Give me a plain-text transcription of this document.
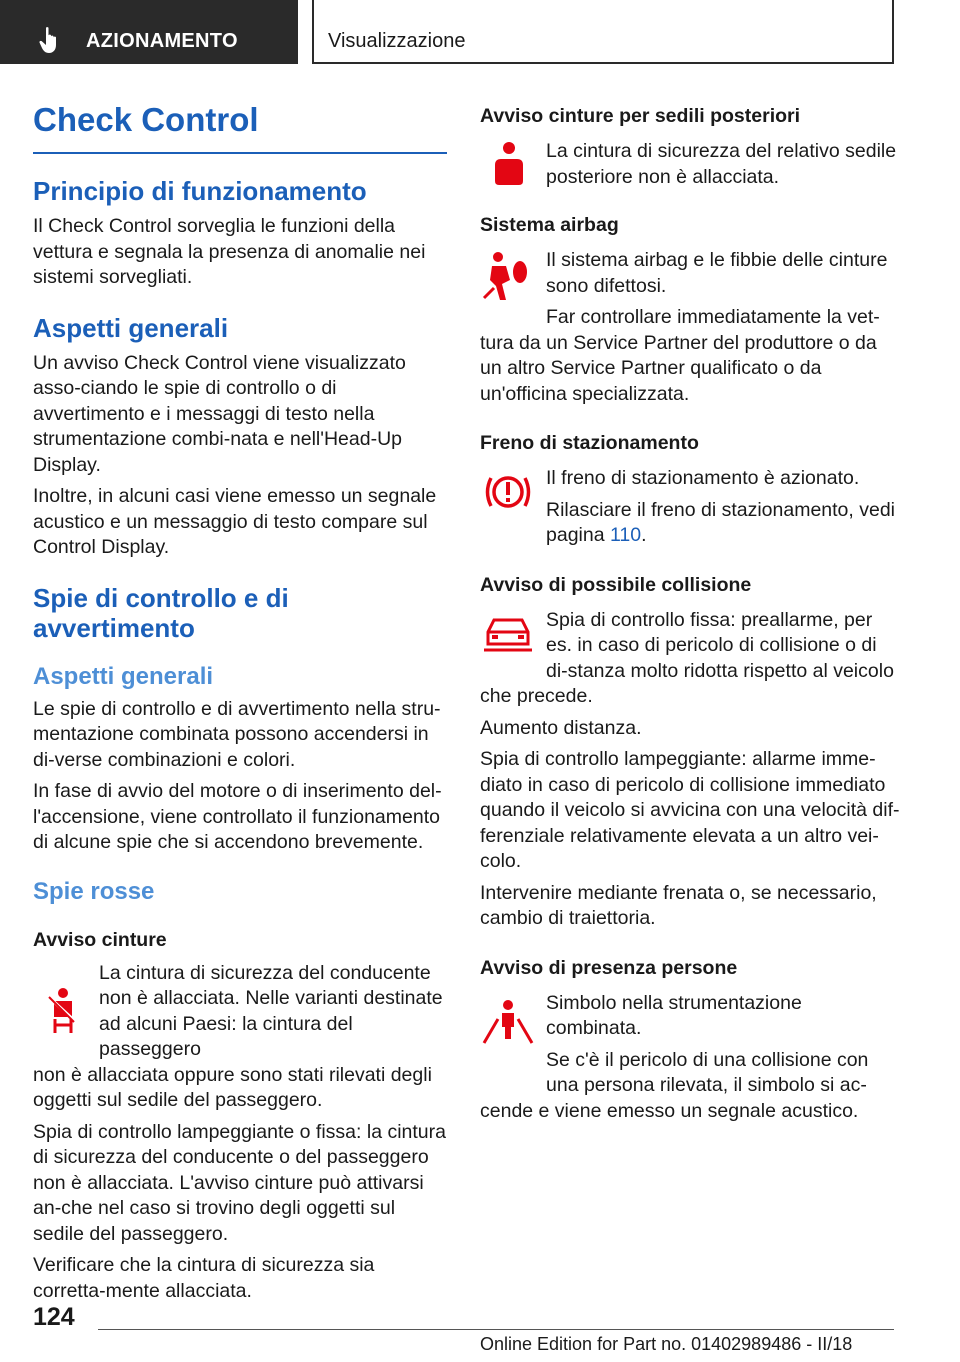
AZIONAMENTO	Visualizzazione
Check Control
Principio di funzionamento

Il Check Control sorveglia le funzioni della vettura e segnala la presenza di anomalie nei sistemi sorvegliati.

Aspetti generali

Un avviso Check Control viene visualizzato asso-ciando le spie di controllo o di avvertimento e i messaggi di testo nella strumentazione combi-nata e nell'Head-Up Display.

Inoltre, in alcuni casi viene emesso un segnale acustico e un messaggio di testo compare sul Control Display.

Spie di controllo e di avvertimento
Aspetti generali

Le spie di controllo e di avvertimento nella stru-mentazione combinata possono accendersi in di-verse combinazioni e colori.

In fase di avvio del motore o di inserimento del-l'accensione, viene controllato il funzionamento di alcune spie che si accendono brevemente.

Spie rosse
Avviso cinture

La cintura di sicurezza del conducente non è allacciata. Nelle varianti destinate ad alcuni Paesi: la cintura del passeggero

non è allacciata oppure sono stati rilevati degli oggetti sul sedile del passeggero.

Spia di controllo lampeggiante o fissa: la cintura di sicurezza del conducente o del passeggero non è allacciata. L'avviso cinture può attivarsi an-che nel caso si trovino degli oggetti sul sedile del passeggero.

Verificare che la cintura di sicurezza sia corretta-mente allacciata.

Avviso cinture per sedili posteriori

La cintura di sicurezza del relativo sedile posteriore non è allacciata.

Sistema airbag

Il sistema airbag e le fibbie delle cinture sono difettosi.

Far controllare immediatamente la vet-

tura da un Service Partner del produttore o da un altro Service Partner qualificato o da un'officina specializzata.

Freno di stazionamento

Il freno di stazionamento è azionato.

Rilasciare il freno di stazionamento, vedi pagina 110.

Avviso di possibile collisione

Spia di controllo fissa: preallarme, per es. in caso di pericolo di collisione o di di-stanza molto ridotta rispetto al veicolo

che precede.

Aumento distanza.

Spia di controllo lampeggiante: allarme imme-diato in caso di pericolo di collisione immediato quando il veicolo si avvicina con una velocità dif-ferenziale relativamente elevata a un altro vei-colo.

Intervenire mediante frenata o, se necessario, cambio di traiettoria.

Avviso di presenza persone

Simbolo nella strumentazione combinata.

Se c'è il pericolo di una collisione con una persona rilevata, il simbolo si ac-

cende e viene emesso un segnale acustico.

124
Online Edition for Part no. 01402989486 - II/18
